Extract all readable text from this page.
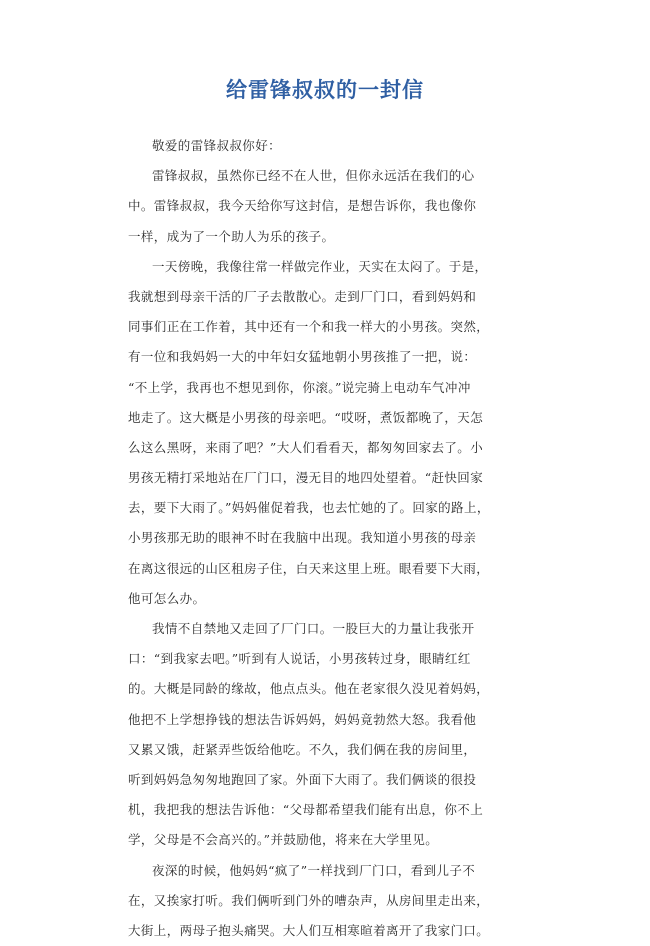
给雷锋叔叔的一封信
敬爱的雷锋叔叔你好：
雷锋叔叔，虽然你已经不在人世，但你永远活在我们的心
中。雷锋叔叔，我今天给你写这封信，是想告诉你，我也像你
一样，成为了一个助人为乐的孩子。
一天傍晚，我像往常一样做完作业，天实在太闷了。于是，
我就想到母亲干活的厂子去散散心。走到厂门口，看到妈妈和
同事们正在工作着，其中还有一个和我一样大的小男孩。突然，
有一位和我妈妈一大的中年妇女猛地朝小男孩推了一把，说：
“不上学，我再也不想见到你，你滚。”说完骑上电动车气冲冲
地走了。这大概是小男孩的母亲吧。“哎呀，煮饭都晚了，天怎
么这么黑呀，来雨了吧？”大人们看看天，都匆匆回家去了。小
男孩无精打采地站在厂门口，漫无目的地四处望着。“赶快回家
去，要下大雨了。”妈妈催促着我，也去忙她的了。回家的路上，
小男孩那无助的眼神不时在我脑中出现。我知道小男孩的母亲
在离这很远的山区租房子住，白天来这里上班。眼看要下大雨，
他可怎么办。
我情不自禁地又走回了厂门口。一股巨大的力量让我张开
口：“到我家去吧。”听到有人说话，小男孩转过身，眼睛红红
的。大概是同龄的缘故，他点点头。他在老家很久没见着妈妈，
他把不上学想挣钱的想法告诉妈妈，妈妈竟勃然大怒。我看他
又累又饿，赶紧弄些饭给他吃。不久，我们俩在我的房间里，
听到妈妈急匆匆地跑回了家。外面下大雨了。我们俩谈的很投
机，我把我的想法告诉他：“父母都希望我们能有出息，你不上
学，父母是不会高兴的。”并鼓励他，将来在大学里见。
夜深的时候，他妈妈“疯了”一样找到厂门口，看到儿子不
在，又挨家打听。我们俩听到门外的嘈杂声，从房间里走出来，
大街上，两母子抱头痛哭。大人们互相寒暄着离开了我家门口。
